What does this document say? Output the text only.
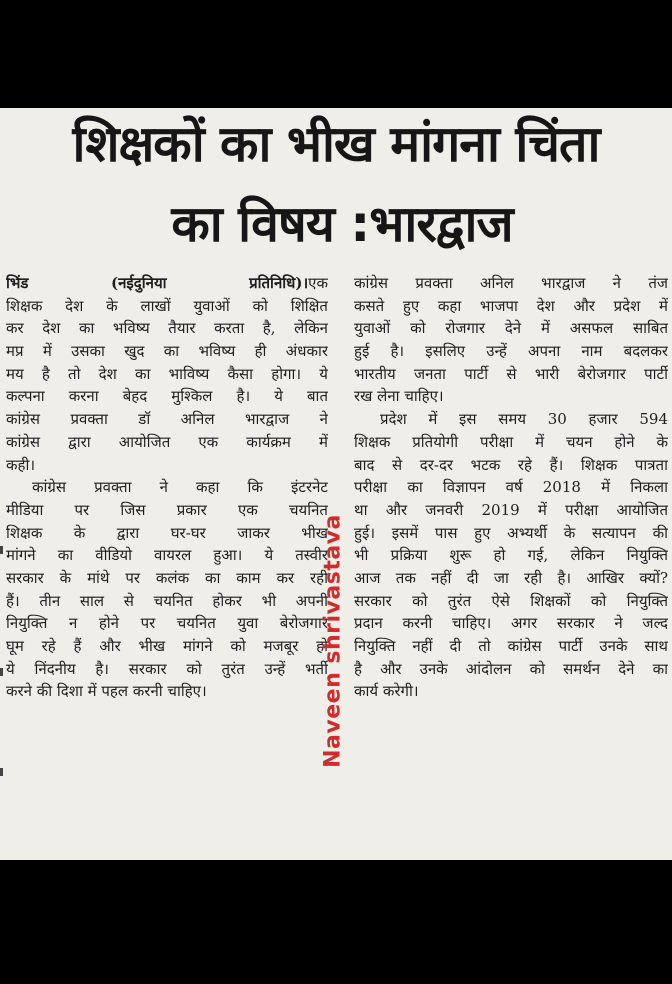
शिक्षकों का भीख मांगना चिंता
का विषय :भारद्वाज
भिंड (नईदुनिया प्रतिनिधि)।एक
शिक्षक देश के लाखों युवाओं को शिक्षित
कर देश का भविष्य तैयार करता है, लेकिन
मप्र में उसका खुद का भविष्य ही अंधकार
मय है तो देश का भाविष्य कैसा होगा। ये
कल्पना करना बेहद मुश्किल है। ये बात
कांग्रेस प्रवक्ता डॉ अनिल भारद्वाज ने
कांग्रेस द्वारा आयोजित एक कार्यक्रम में
कही।
कांग्रेस प्रवक्ता ने कहा कि इंटरनेट
मीडिया पर जिस प्रकार एक चयनित
शिक्षक के द्वारा घर-घर जाकर भीख
मांगने का वीडियो वायरल हुआ। ये तस्वीर
सरकार के मांथे पर कलंक का काम कर रही
हैं। तीन साल से चयनित होकर भी अपनी
नियुक्ति न होने पर चयनित युवा बेरोजगार
घूम रहे हैं और भीख मांगने को मजबूर हो
ये निंदनीय है। सरकार को तुरंत उन्हें भर्ती
करने की दिशा में पहल करनी चाहिए।
कांग्रेस प्रवक्ता अनिल भारद्वाज ने तंज
कसते हुए कहा भाजपा देश और प्रदेश में
युवाओं को रोजगार देने में असफल साबित
हुई है। इसलिए उन्हें अपना नाम बदलकर
भारतीय जनता पार्टी से भारी बेरोजगार पार्टी
रख लेना चाहिए।
प्रदेश में इस समय 30 हजार 594
शिक्षक प्रतियोगी परीक्षा में चयन होने के
बाद से दर-दर भटक रहे हैं। शिक्षक पात्रता
परीक्षा का विज्ञापन वर्ष 2018 में निकला
था और जनवरी 2019 में परीक्षा आयोजित
हुई। इसमें पास हुए अभ्यर्थी के सत्यापन की
भी प्रक्रिया शुरू हो गई, लेकिन नियुक्ति
आज तक नहीं दी जा रही है। आखिर क्यों?
सरकार को तुरंत ऐसे शिक्षकों को नियुक्ति
प्रदान करनी चाहिए। अगर सरकार ने जल्द
नियुक्ति नहीं दी तो कांग्रेस पार्टी उनके साथ
है और उनके आंदोलन को समर्थन देने का
कार्य करेगी।
Naveen shrivastava
